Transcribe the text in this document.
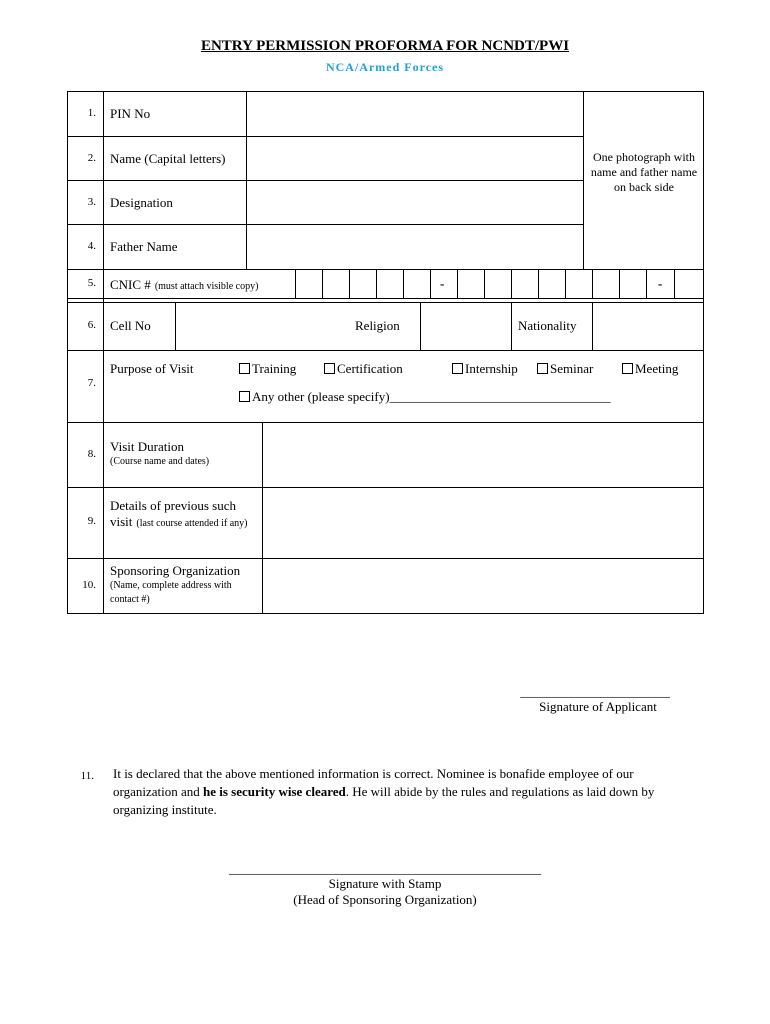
ENTRY PERMISSION PROFORMA FOR NCNDT/PWI
NCA/Armed Forces
1. PIN No
2. Name (Capital letters)
3. Designation
4. Father Name
One photograph with name and father name on back side
5. CNIC # (must attach visible copy)	-	-
6. Cell No	Religion	Nationality
7.
Purpose of Visit	Training	Certification	Internship	Seminar	Meeting
Any other (please specify)__________________________________
8. Visit Duration
(Course name and dates)
9.
Details of previous such
visit (last course attended if any)
10.
Sponsoring Organization
(Name, complete address with contact #)
_______________________
Signature of Applicant
11. It is declared that the above mentioned information is correct. Nominee is bonafide employee of our organization and he is security wise cleared. He will abide by the rules and regulations as laid down by organizing institute.
________________________________________________
Signature with Stamp
(Head of Sponsoring Organization)
